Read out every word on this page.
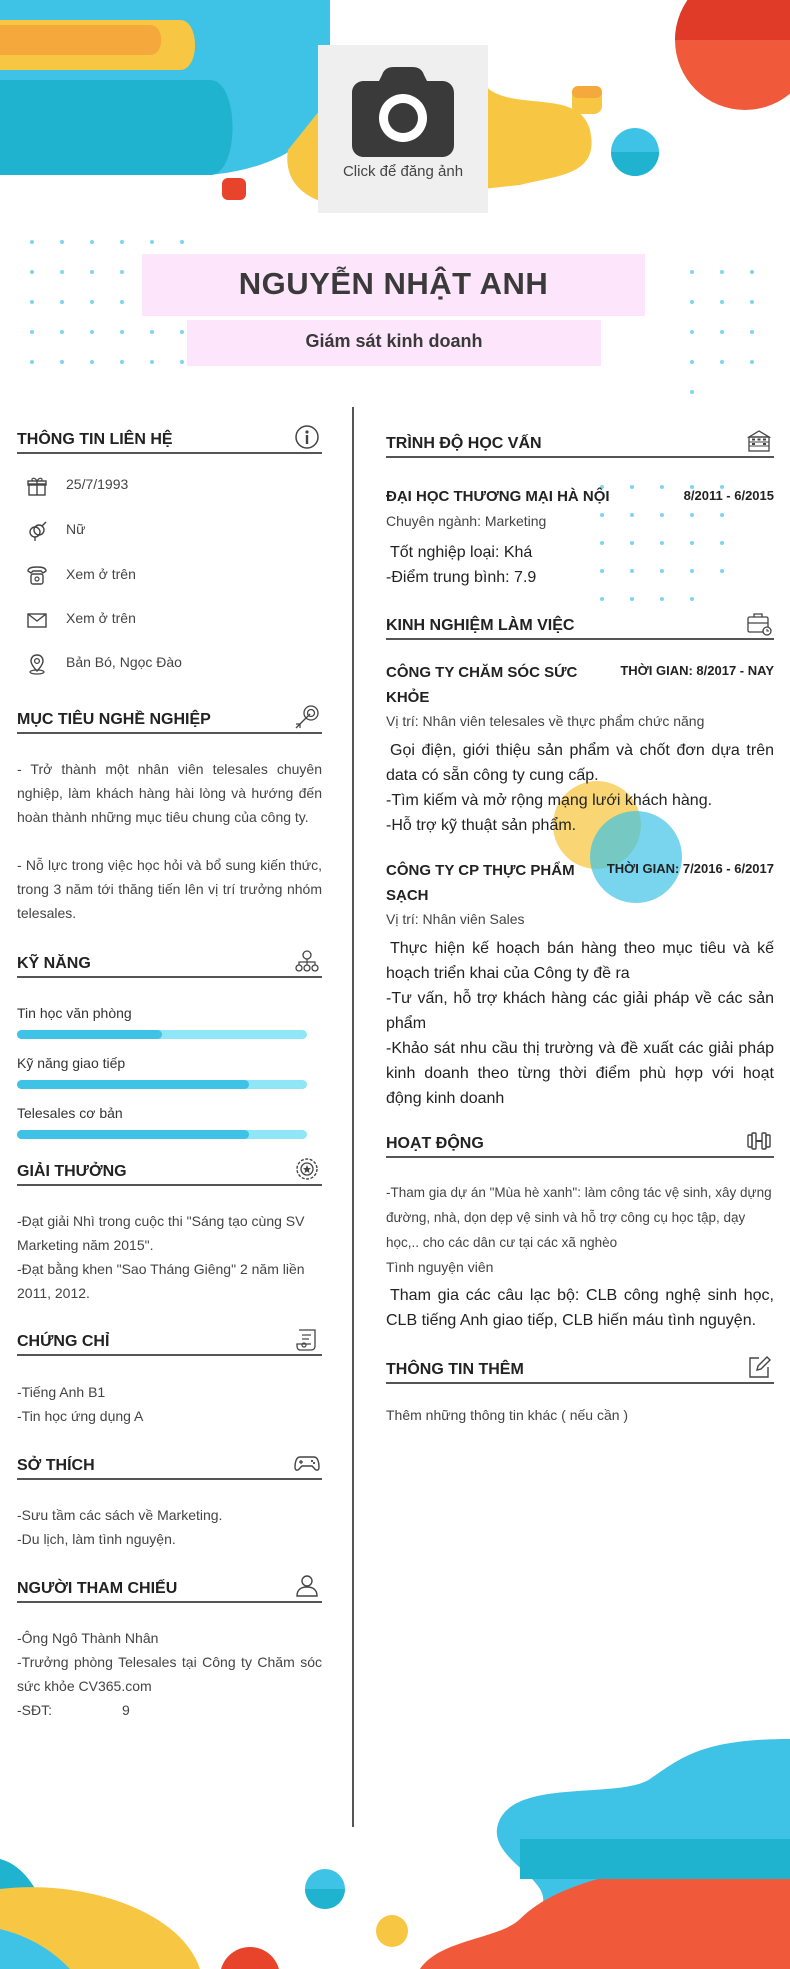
Click để đăng ảnh
NGUYỄN NHẬT ANH
Giám sát kinh doanh
THÔNG TIN LIÊN HỆ
25/7/1993
Nữ
Xem ở trên
Xem ở trên
Bản Bó, Ngọc Đào
MỤC TIÊU NGHỀ NGHIỆP
- Trở thành một nhân viên telesales chuyên nghiệp, làm khách hàng hài lòng và hướng đến hoàn thành những mục tiêu chung của công ty.
- Nỗ lực trong việc học hỏi và bổ sung kiến thức, trong 3 năm tới thăng tiến lên vị trí trưởng nhóm telesales.
KỸ NĂNG
Tin học văn phòng
Kỹ năng giao tiếp
Telesales cơ bản
GIẢI THƯỞNG
-Đạt giải Nhì trong cuộc thi "Sáng tạo cùng SV Marketing năm 2015".
-Đạt bằng khen "Sao Tháng Giêng" 2 năm liền 2011, 2012.
CHỨNG CHỈ
-Tiếng Anh B1
-Tin học ứng dụng A
SỞ THÍCH
-Sưu tầm các sách về Marketing.
-Du lịch, làm tình nguyện.
NGƯỜI THAM CHIẾU
-Ông Ngô Thành Nhân
-Trưởng phòng Telesales tại Công ty Chăm sóc sức khỏe CV365.com
-SĐT:	9
TRÌNH ĐỘ HỌC VẤN
ĐẠI HỌC THƯƠNG MẠI HÀ NỘI	8/2011 - 6/2015
Chuyên ngành: Marketing
Tốt nghiệp loại: Khá
-Điểm trung bình: 7.9
KINH NGHIỆM LÀM VIỆC
CÔNG TY CHĂM SÓC SỨC KHỎE
THỜI GIAN: 8/2017 - NAY
Vị trí: Nhân viên telesales về thực phẩm chức năng
Gọi điện, giới thiệu sản phẩm và chốt đơn dựa trên data có sẵn công ty cung cấp.
-Tìm kiếm và mở rộng mạng lưới khách hàng.
-Hỗ trợ kỹ thuật sản phẩm.
CÔNG TY CP THỰC PHẨM SẠCH
THỜI GIAN: 7/2016 - 6/2017
Vị trí: Nhân viên Sales
Thực hiện kế hoạch bán hàng theo mục tiêu và kế hoạch triển khai của Công ty đề ra
-Tư vấn, hỗ trợ khách hàng các giải pháp về các sản phẩm
-Khảo sát nhu cầu thị trường và đề xuất các giải pháp kinh doanh theo từng thời điểm phù hợp với hoạt động kinh doanh
HOẠT ĐỘNG
-Tham gia dự án "Mùa hè xanh": làm công tác vệ sinh, xây dựng đường, nhà, dọn dẹp vệ sinh và hỗ trợ công cụ học tập, dạy học,.. cho các dân cư tại các xã nghèo
Tình nguyện viên
Tham gia các câu lạc bộ: CLB công nghệ sinh học, CLB tiếng Anh giao tiếp, CLB hiến máu tình nguyện.
THÔNG TIN THÊM
Thêm những thông tin khác ( nếu cần )
